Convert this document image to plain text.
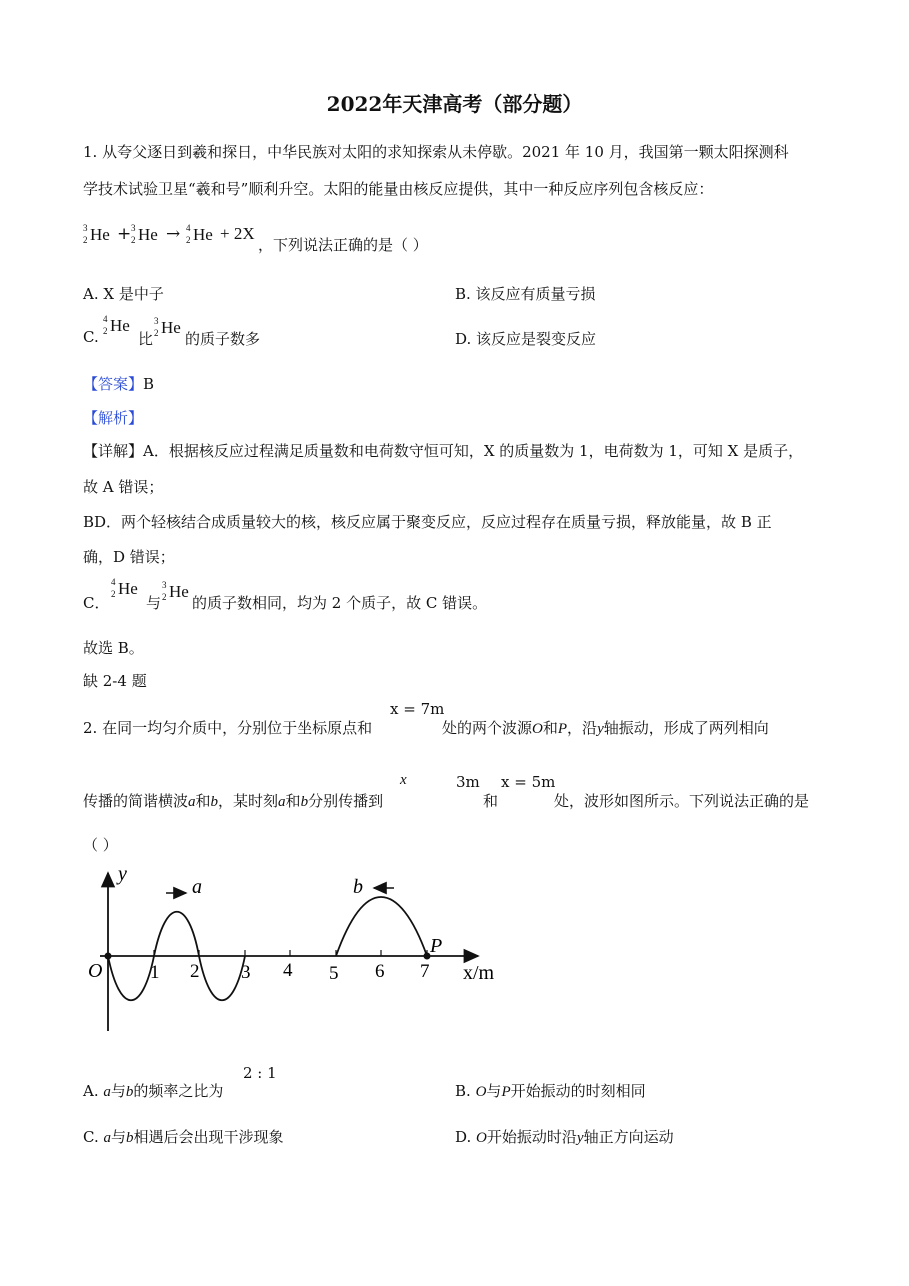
2022年天津高考（部分题）
1. 从夸父逐日到羲和探日，中华民族对太阳的求知探索从未停歇。2021 年 10 月，我国第一颗太阳探测科
学技术试验卫星“羲和号”顺利升空。太阳的能量由核反应提供，其中一种反应序列包含核反应：
3
2 He + 3
2 He → 4
2 He + 2X
，下列说法正确的是（ ）
A. X 是中子	B. 该反应有质量亏损
C.
4
2 He
比
3
2 He
的质子数多	D. 该反应是裂变反应
【答案】B
【解析】
【详解】A．根据核反应过程满足质量数和电荷数守恒可知，X 的质量数为 1，电荷数为 1，可知 X 是质子，
故 A 错误；
BD．两个轻核结合成质量较大的核，核反应属于聚变反应，反应过程存在质量亏损，释放能量，故 B 正
确，D 错误；
C．
4
2 He
与
3
2 He
的质子数相同，均为 2 个质子，故 C 错误。
故选 B。
缺 2-4 题
2. 在同一均匀介质中，分别位于坐标原点和
x = 7m
处的两个波源O和P，沿y轴振动，形成了两列相向
传播的简谐横波a和b，某时刻a和b分别传播到
x	3m
和
x = 5m
处，波形如图所示。下列说法正确的是
（ ）
y
x/m
O	1 2 3 4 5 6 7
P
a	b
A. a与b的频率之比为
2 : 1
B. O与P开始振动的时刻相同
C. a与b相遇后会出现干涉现象	D. O开始振动时沿y轴正方向运动
